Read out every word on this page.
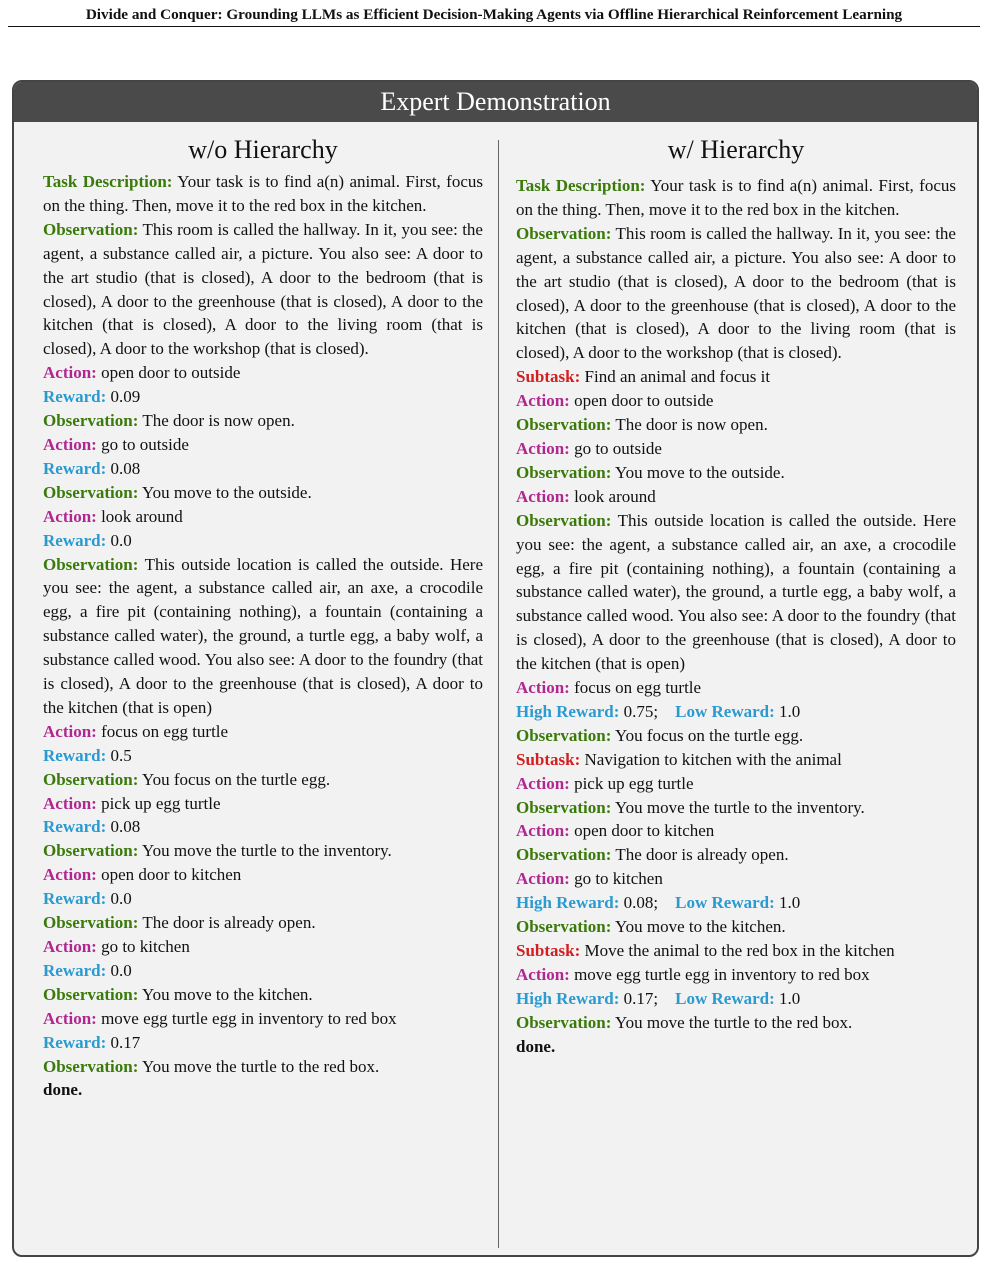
Divide and Conquer: Grounding LLMs as Efficient Decision-Making Agents via Offline Hierarchical Reinforcement Learning
Expert Demonstration
w/o Hierarchy
Task Description: Your task is to find a(n) animal. First, focus on the thing. Then, move it to the red box in the kitchen.
Observation: This room is called the hallway. In it, you see: the agent, a substance called air, a picture. You also see: A door to the art studio (that is closed), A door to the bedroom (that is closed), A door to the greenhouse (that is closed), A door to the kitchen (that is closed), A door to the living room (that is closed), A door to the workshop (that is closed).
Action: open door to outside
Reward: 0.09
Observation: The door is now open.
Action: go to outside
Reward: 0.08
Observation: You move to the outside.
Action: look around
Reward: 0.0
Observation: This outside location is called the outside. Here you see: the agent, a substance called air, an axe, a crocodile egg, a fire pit (containing nothing), a fountain (containing a substance called water), the ground, a turtle egg, a baby wolf, a substance called wood. You also see: A door to the foundry (that is closed), A door to the greenhouse (that is closed), A door to the kitchen (that is open)
Action: focus on egg turtle
Reward: 0.5
Observation: You focus on the turtle egg.
Action: pick up egg turtle
Reward: 0.08
Observation: You move the turtle to the inventory.
Action: open door to kitchen
Reward: 0.0
Observation: The door is already open.
Action: go to kitchen
Reward: 0.0
Observation: You move to the kitchen.
Action: move egg turtle egg in inventory to red box
Reward: 0.17
Observation: You move the turtle to the red box.
done.
w/ Hierarchy
Task Description: Your task is to find a(n) animal. First, focus on the thing. Then, move it to the red box in the kitchen.
Observation: This room is called the hallway. In it, you see: the agent, a substance called air, a picture. You also see: A door to the art studio (that is closed), A door to the bedroom (that is closed), A door to the greenhouse (that is closed), A door to the kitchen (that is closed), A door to the living room (that is closed), A door to the workshop (that is closed).
Subtask: Find an animal and focus it
Action: open door to outside
Observation: The door is now open.
Action: go to outside
Observation: You move to the outside.
Action: look around
Observation: This outside location is called the outside. Here you see: the agent, a substance called air, an axe, a crocodile egg, a fire pit (containing nothing), a fountain (containing a substance called water), the ground, a turtle egg, a baby wolf, a substance called wood. You also see: A door to the foundry (that is closed), A door to the greenhouse (that is closed), A door to the kitchen (that is open)
Action: focus on egg turtle
High Reward: 0.75; Low Reward: 1.0
Observation: You focus on the turtle egg.
Subtask: Navigation to kitchen with the animal
Action: pick up egg turtle
Observation: You move the turtle to the inventory.
Action: open door to kitchen
Observation: The door is already open.
Action: go to kitchen
High Reward: 0.08; Low Reward: 1.0
Observation: You move to the kitchen.
Subtask: Move the animal to the red box in the kitchen
Action: move egg turtle egg in inventory to red box
High Reward: 0.17; Low Reward: 1.0
Observation: You move the turtle to the red box.
done.
